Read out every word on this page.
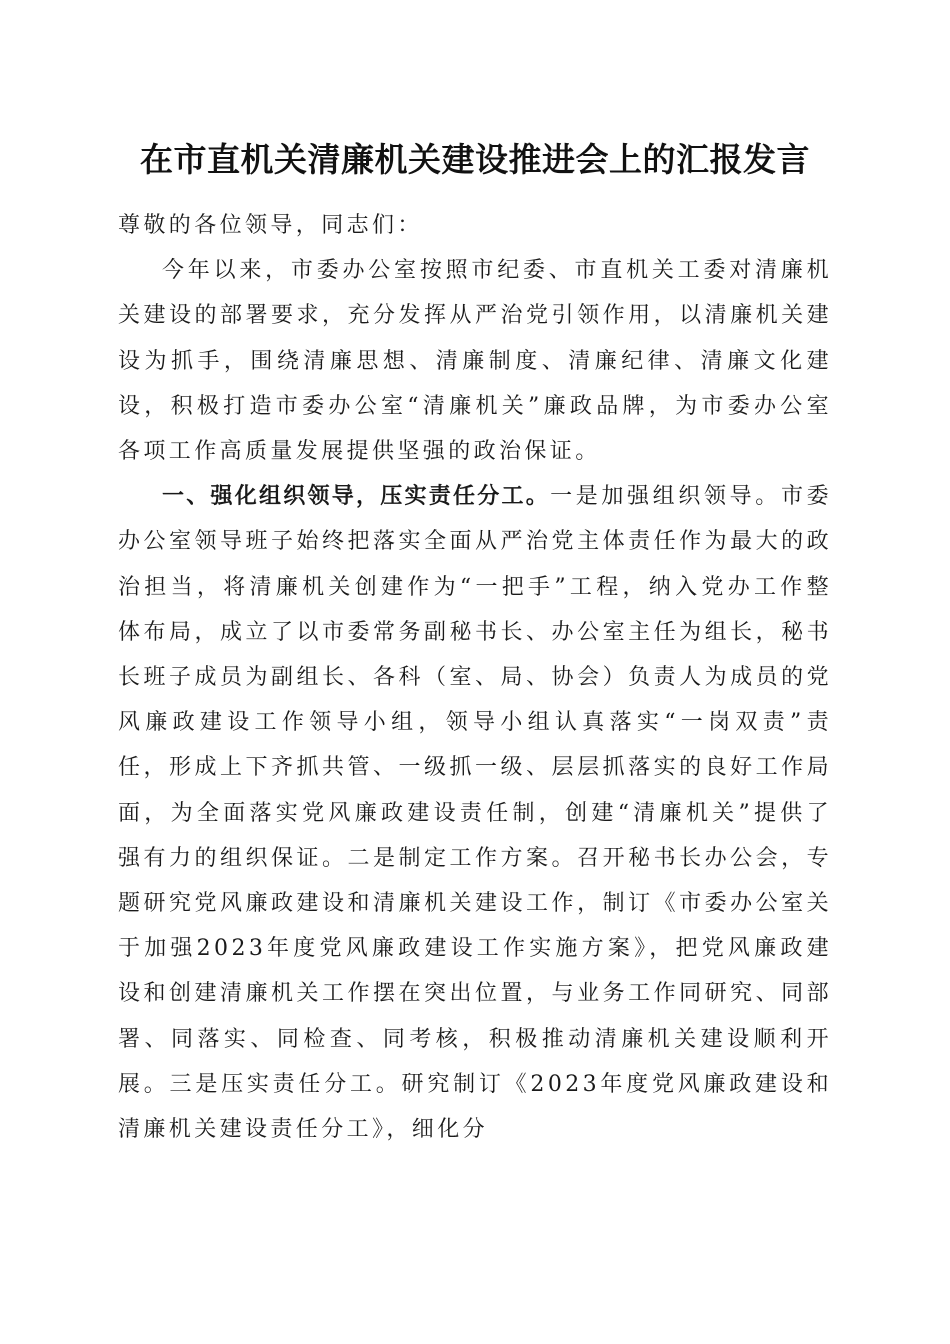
在市直机关清廉机关建设推进会上的汇报发言

尊敬的各位领导，同志们：

今年以来，市委办公室按照市纪委、市直机关工委对清廉机关建设的部署要求，充分发挥从严治党引领作用，以清廉机关建设为抓手，围绕清廉思想、清廉制度、清廉纪律、清廉文化建设，积极打造市委办公室“清廉机关”廉政品牌，为市委办公室各项工作高质量发展提供坚强的政治保证。

一、强化组织领导，压实责任分工。一是加强组织领导。市委办公室领导班子始终把落实全面从严治党主体责任作为最大的政治担当，将清廉机关创建作为“一把手”工程，纳入党办工作整体布局，成立了以市委常务副秘书长、办公室主任为组长，秘书长班子成员为副组长、各科（室、局、协会）负责人为成员的党风廉政建设工作领导小组，领导小组认真落实“一岗双责”责任，形成上下齐抓共管、一级抓一级、层层抓落实的良好工作局面，为全面落实党风廉政建设责任制，创建“清廉机关”提供了强有力的组织保证。二是制定工作方案。召开秘书长办公会，专题研究党风廉政建设和清廉机关建设工作，制订《市委办公室关于加强2023年度党风廉政建设工作实施方案》，把党风廉政建设和创建清廉机关工作摆在突出位置，与业务工作同研究、同部署、同落实、同检查、同考核，积极推动清廉机关建设顺利开展。三是压实责任分工。研究制订《2023年度党风廉政建设和清廉机关建设责任分工》，细化分
